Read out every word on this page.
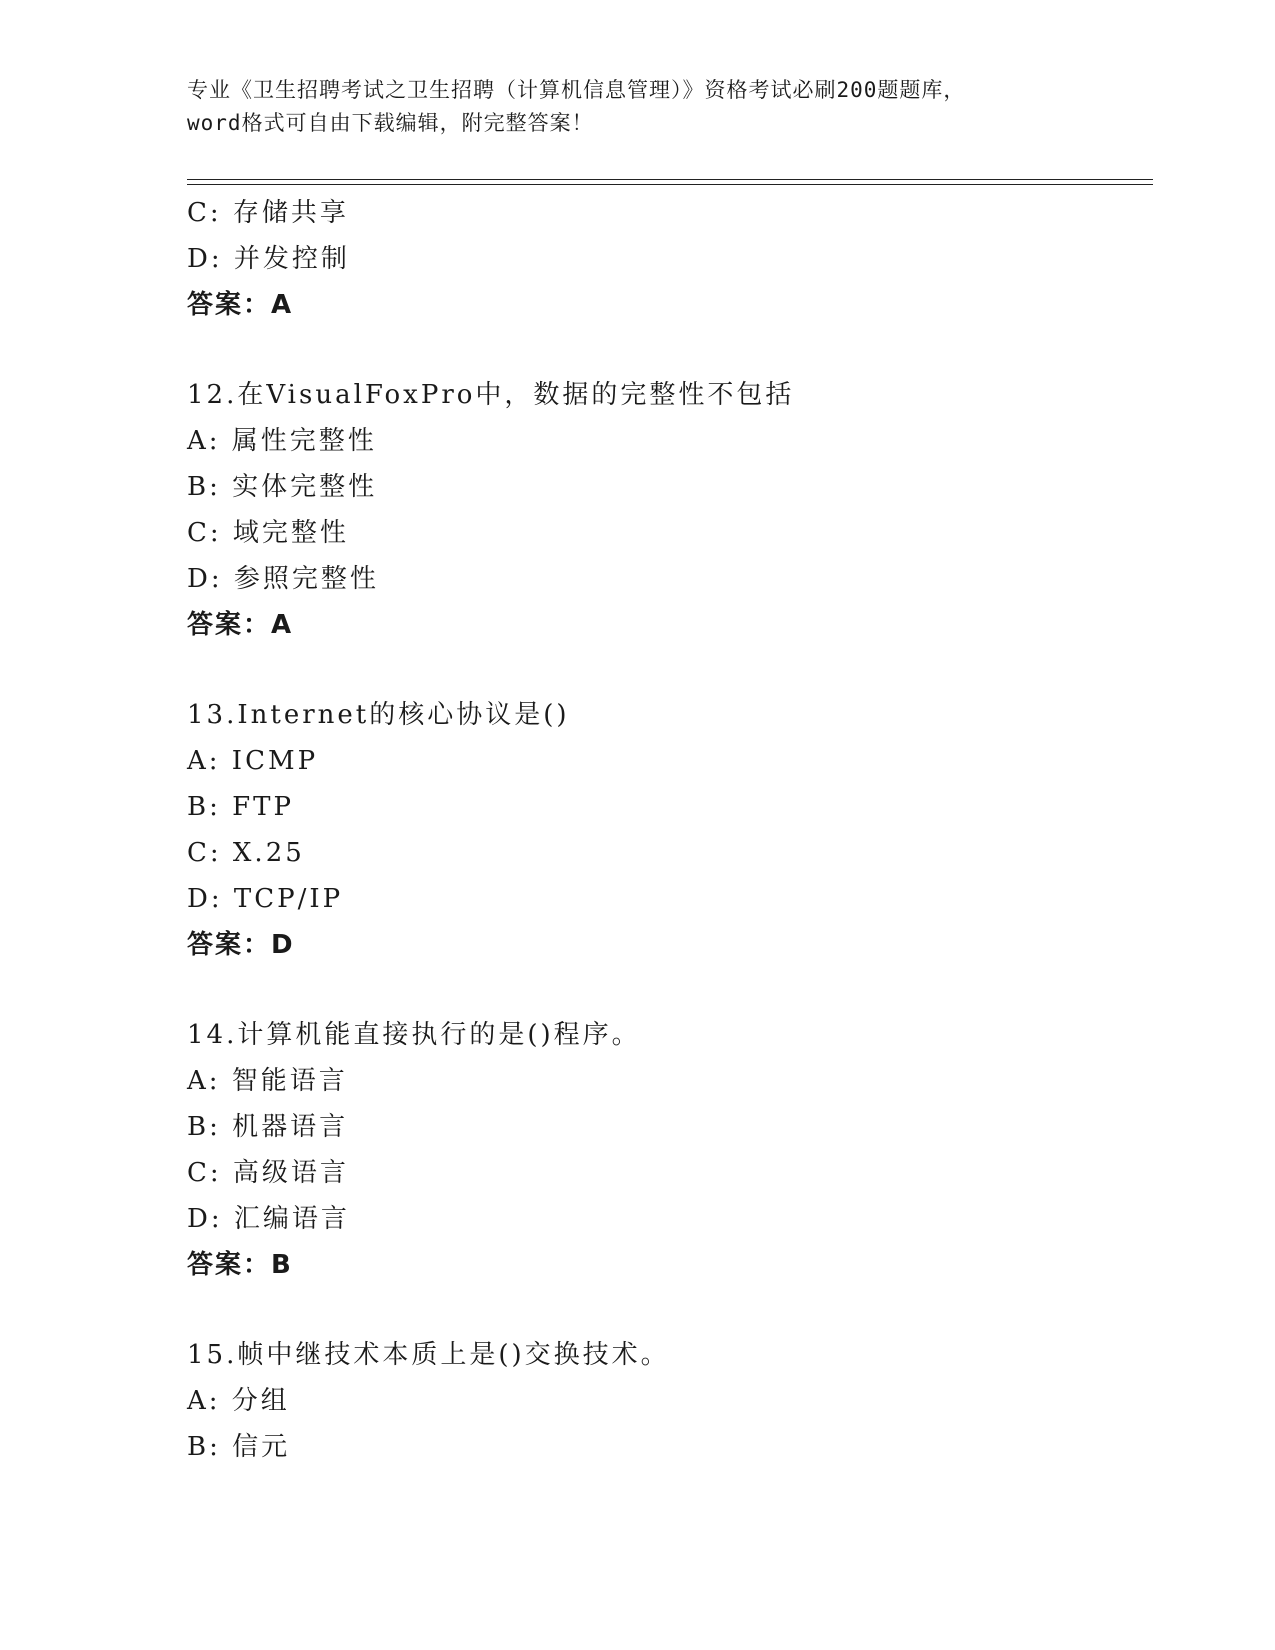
专业《卫生招聘考试之卫生招聘（计算机信息管理）》资格考试必刷200题题库，
word格式可自由下载编辑，附完整答案！
C: 存储共享
D: 并发控制
答案：A
12.在VisualFoxPro中，数据的完整性不包括
A: 属性完整性
B: 实体完整性
C: 域完整性
D: 参照完整性
答案：A
13.Internet的核心协议是()
A: ICMP
B: FTP
C: X.25
D: TCP/IP
答案：D
14.计算机能直接执行的是()程序。
A: 智能语言
B: 机器语言
C: 高级语言
D: 汇编语言
答案：B
15.帧中继技术本质上是()交换技术。
A: 分组
B: 信元
